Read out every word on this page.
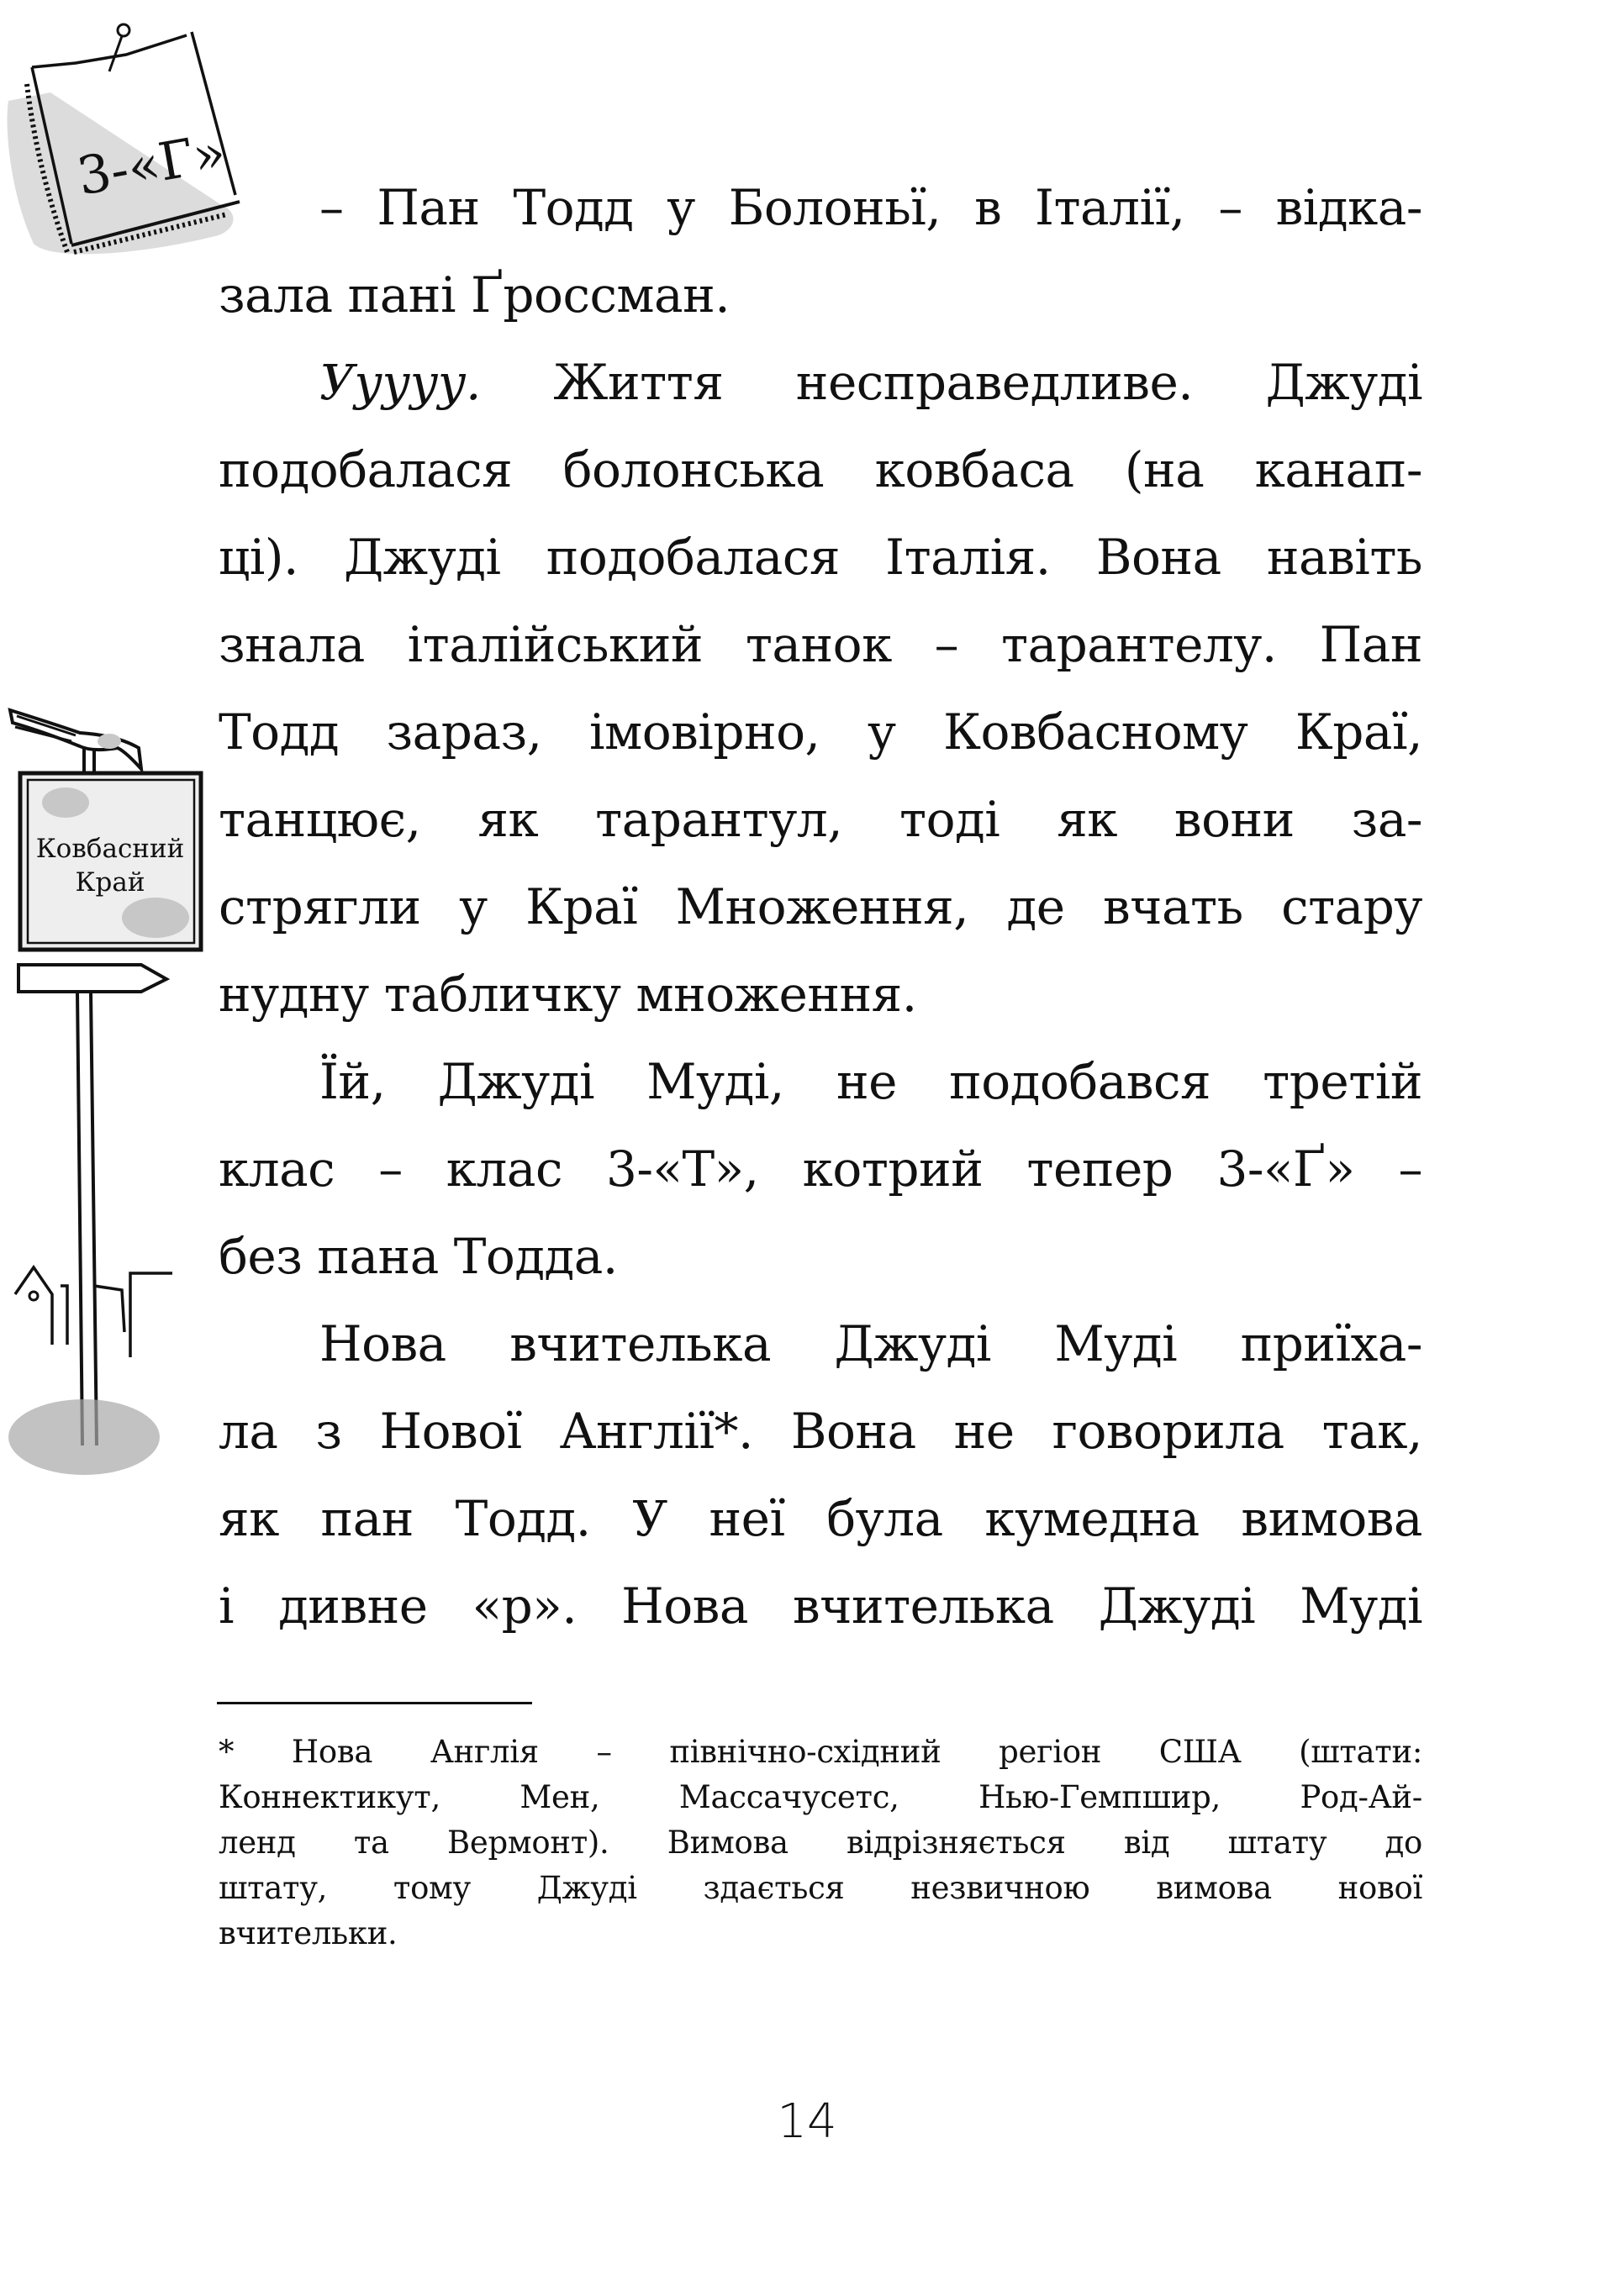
3-«Г»
Ковбасний
Край
– Пан Тодд у Болоньї, в Італії, – відка-
зала пані Ґроссман.
Ууууу. Життя несправедливе. Джуді
подобалася болонська ковбаса (на канап-
ці). Джуді подобалася Італія. Вона навіть
знала італійський танок – тарантелу. Пан
Тодд зараз, імовірно, у Ковбасному Краї,
танцює, як тарантул, тоді як вони за-
стрягли у Краї Множення, де вчать стару
нудну табличку множення.
Їй, Джуді Муді, не подобався третій
клас – клас 3-«Т», котрий тепер 3-«Ґ» –
без пана Тодда.
Нова вчителька Джуді Муді приїха-
ла з Нової Англії*. Вона не говорила так,
як пан Тодд. У неї була кумедна вимова
і дивне «р». Нова вчителька Джуді Муді
* Нова Англія – північно-східний регіон США (штати:
Коннектикут, Мен, Массачусетс, Нью-Гемпшир, Род-Ай-
ленд та Вермонт). Вимова відрізняється від штату до
штату, тому Джуді здається незвичною вимова нової
вчительки.
14
